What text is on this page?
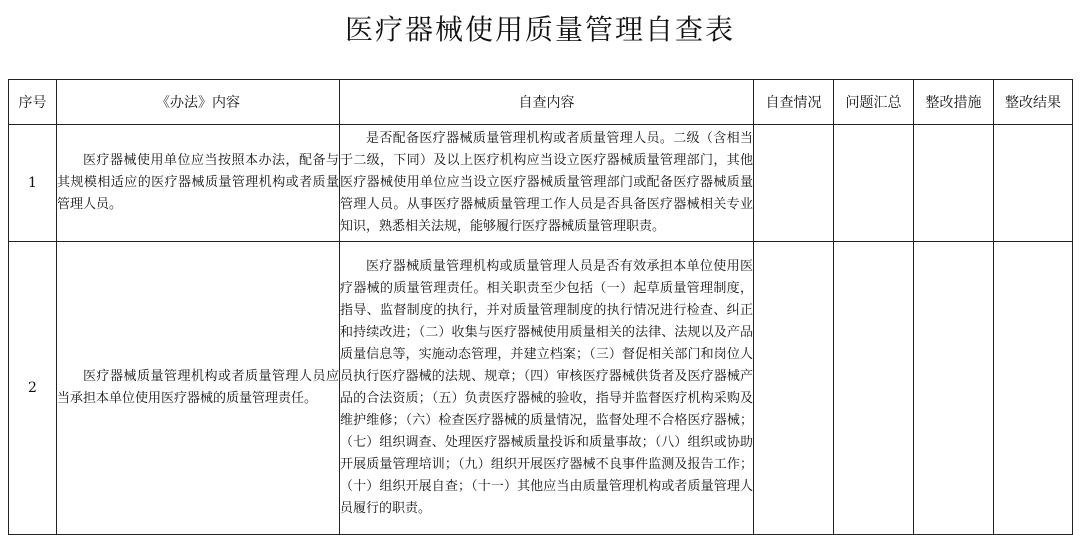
医疗器械使用质量管理自查表
序号	《办法》内容	自查内容	自查情况	问题汇总	整改措施	整改结果
1	医疗器械使用单位应当按照本办法，配备与其规模相适应的医疗器械质量管理机构或者质量管理人员。	是否配备医疗器械质量管理机构或者质量管理人员。二级（含相当于二级，下同）及以上医疗机构应当设立医疗器械质量管理部门，其他医疗器械使用单位应当设立医疗器械质量管理部门或配备医疗器械质量管理人员。从事医疗器械质量管理工作人员是否具备医疗器械相关专业知识，熟悉相关法规，能够履行医疗器械质量管理职责。				
2	医疗器械质量管理机构或者质量管理人员应当承担本单位使用医疗器械的质量管理责任。	医疗器械质量管理机构或质量管理人员是否有效承担本单位使用医疗器械的质量管理责任。相关职责至少包括（一）起草质量管理制度，指导、监督制度的执行，并对质量管理制度的执行情况进行检查、纠正和持续改进；（二）收集与医疗器械使用质量相关的法律、法规以及产品质量信息等，实施动态管理，并建立档案；（三）督促相关部门和岗位人员执行医疗器械的法规、规章；（四）审核医疗器械供货者及医疗器械产品的合法资质；（五）负责医疗器械的验收，指导并监督医疗机构采购及维护维修；（六）检查医疗器械的质量情况，监督处理不合格医疗器械；（七）组织调查、处理医疗器械质量投诉和质量事故；（八）组织或协助开展质量管理培训；（九）组织开展医疗器械不良事件监测及报告工作；（十）组织开展自查；（十一）其他应当由质量管理机构或者质量管理人员履行的职责。				
